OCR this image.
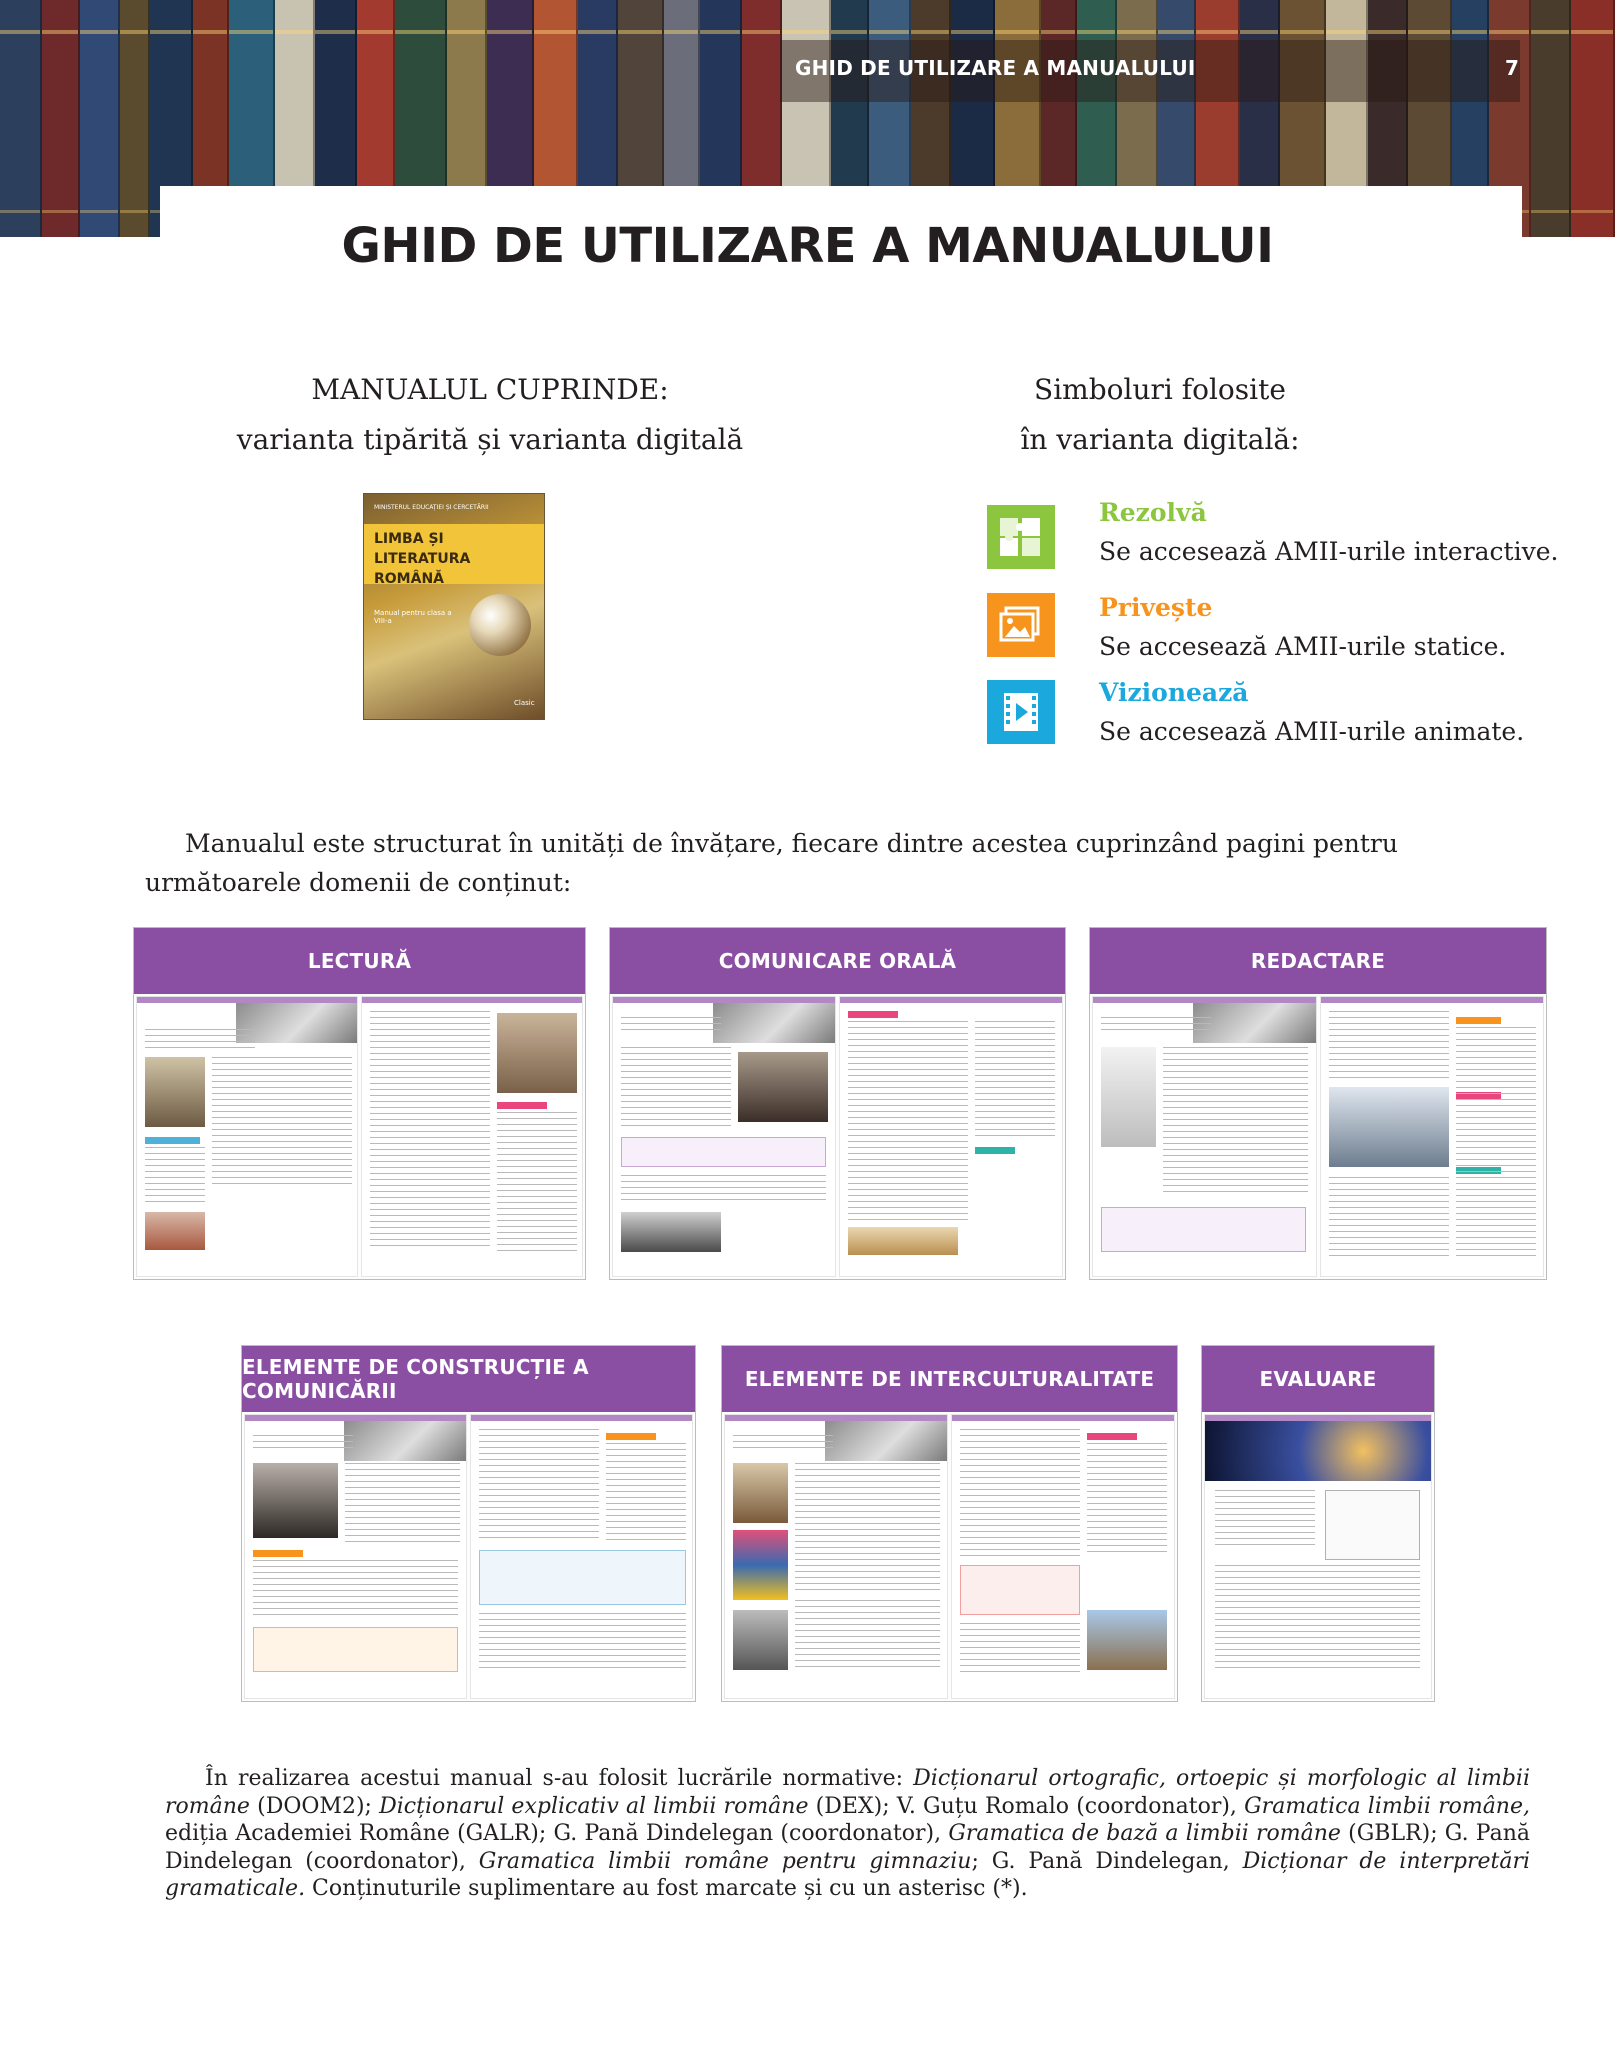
GHID DE UTILIZARE A MANUALULUI	7
GHID DE UTILIZARE A MANUALULUI
MANUALUL CUPRINDE:
varianta tipărită și varianta digitală
MINISTERUL EDUCAȚIEI ȘI CERCETĂRII
LIMBA ȘI LITERATURA ROMÂNĂ
Manual pentru clasa a VIII-a
Clasic
Simboluri folosite
în varianta digitală:
Rezolvă
Se accesează AMII-urile interactive.
Privește
Se accesează AMII-urile statice.
Vizionează
Se accesează AMII-urile animate.

Manualul este structurat în unități de învățare, fiecare dintre acestea cuprinzând pagini pentru următoarele domenii de conținut:

LECTURĂ	COMUNICARE ORALĂ	REDACTARE
ELEMENTE DE CONSTRUCȚIE A COMUNICĂRII	ELEMENTE DE INTERCULTURALITATE	EVALUARE

În realizarea acestui manual s-au folosit lucrările normative: Dicționarul ortografic, ortoepic și morfologic al limbii române (DOOM2); Dicționarul explicativ al limbii române (DEX); V. Guțu Romalo (coordonator), Gramatica limbii române, ediția Academiei Române (GALR); G. Pană Dindelegan (coordonator), Gramatica de bază a limbii române (GBLR); G. Pană Dindelegan (coordonator), Gramatica limbii române pentru gimnaziu; G. Pană Dindelegan, Dicționar de interpretări gramaticale. Conținuturile suplimentare au fost marcate și cu un asterisc (*).
